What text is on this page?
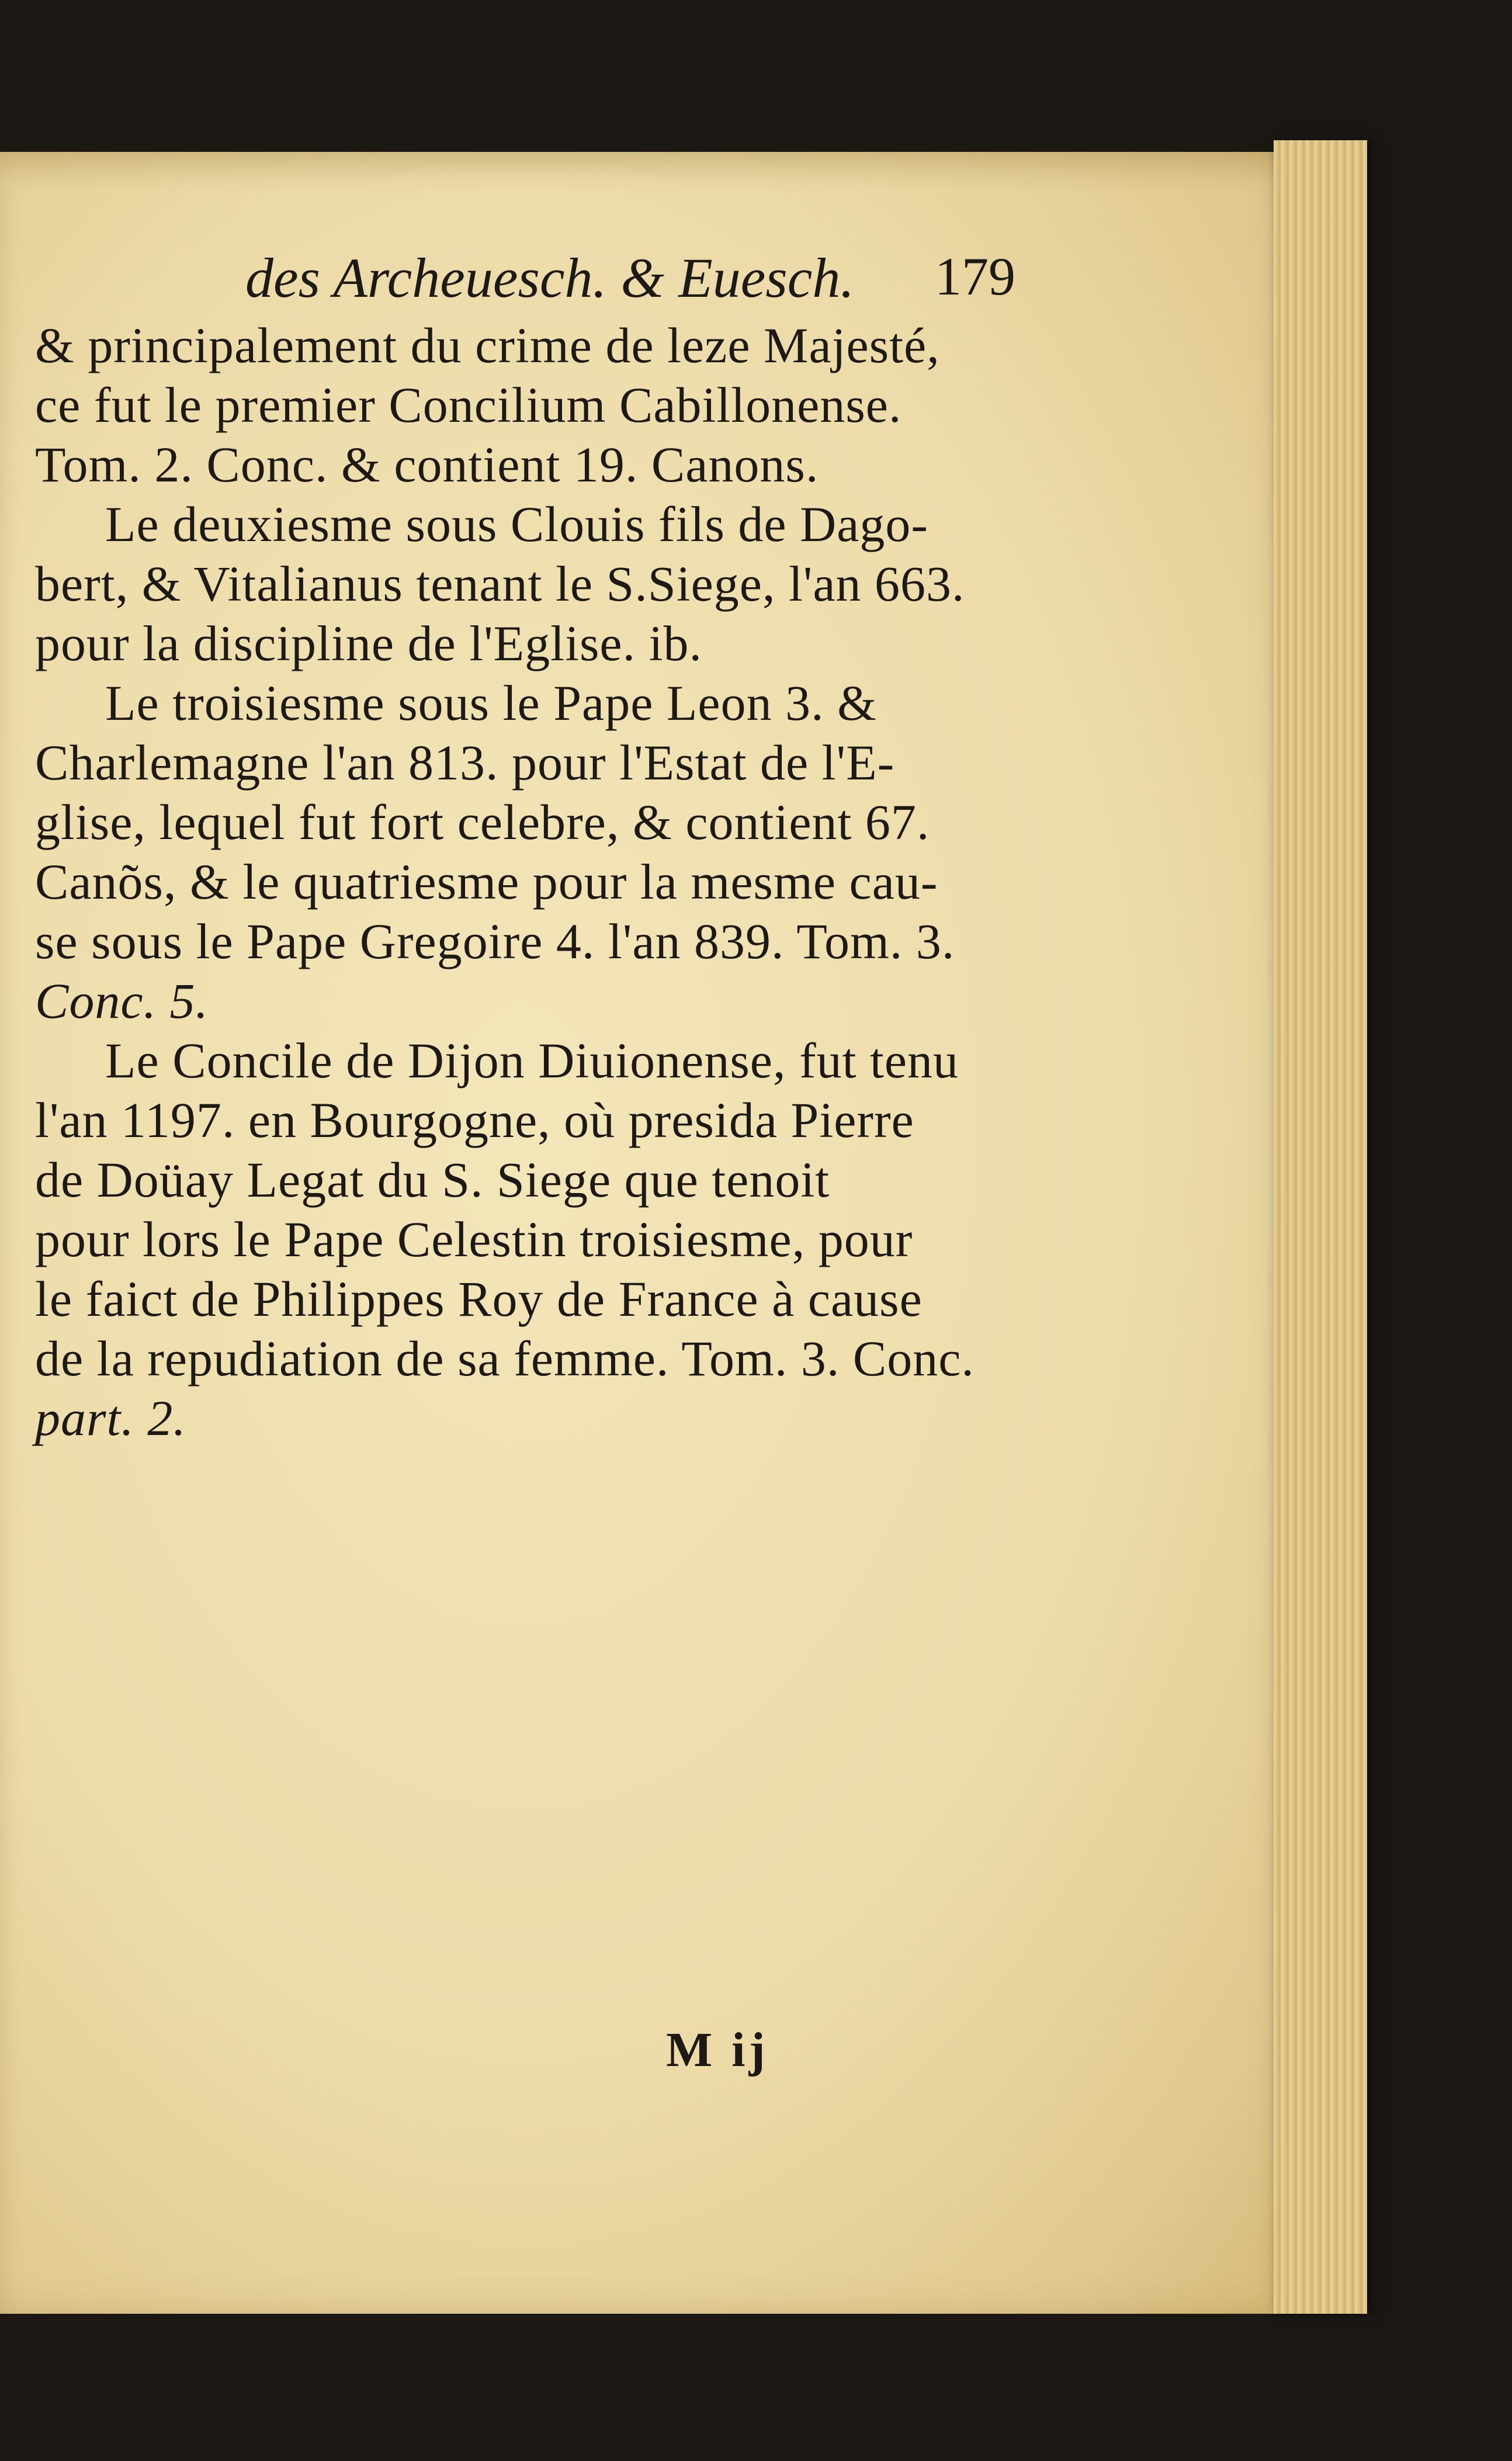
des Archeuesch. & Euesch.	179
& principalement du crime de leze Majesté,
ce fut le premier Concilium Cabillonense.
Tom. 2. Conc. & contient 19. Canons.
Le deuxiesme sous Clouis fils de Dago-
bert, & Vitalianus tenant le S.Siege, l'an 663.
pour la discipline de l'Eglise. ib.
Le troisiesme sous le Pape Leon 3. &
Charlemagne l'an 813. pour l'Estat de l'E-
glise, lequel fut fort celebre, & contient 67.
Canõs, & le quatriesme pour la mesme cau-
se sous le Pape Gregoire 4. l'an 839. Tom. 3.
Conc. 5.
Le Concile de Dijon Diuionense, fut tenu
l'an 1197. en Bourgogne, où presida Pierre
de Doüay Legat du S. Siege que tenoit
pour lors le Pape Celestin troisiesme, pour
le faict de Philippes Roy de France à cause
de la repudiation de sa femme. Tom. 3. Conc.
part. 2.
M ij
